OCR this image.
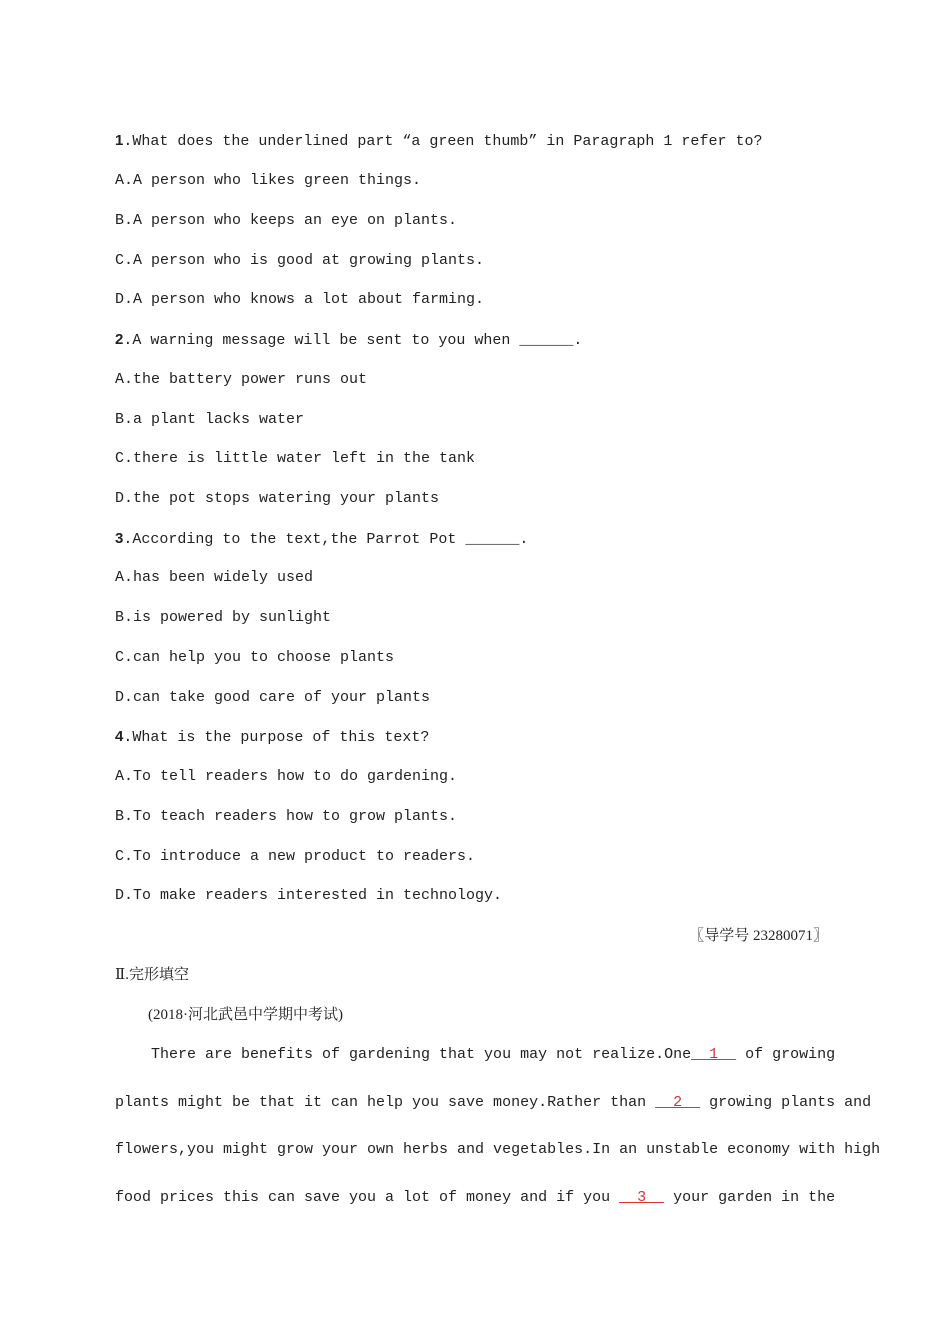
1.What does the underlined part “a green thumb” in Paragraph 1 refer to?
A.A person who likes green things.
B.A person who keeps an eye on plants.
C.A person who is good at growing plants.
D.A person who knows a lot about farming.
2.A warning message will be sent to you when ______.
A.the battery power runs out
B.a plant lacks water
C.there is little water left in the tank
D.the pot stops watering your plants
3.According to the text,the Parrot Pot ______.
A.has been widely used
B.is powered by sunlight
C.can help you to choose plants
D.can take good care of your plants
4.What is the purpose of this text?
A.To tell readers how to do gardening.
B.To teach readers how to grow plants.
C.To introduce a new product to readers.
D.To make readers interested in technology.
〖导学号 23280071〗
Ⅱ.完形填空
(2018·河北武邑中学期中考试)
There are benefits of gardening that you may not realize.One  1   of growing
plants might be that it can help you save money.Rather than   2   growing plants and
flowers,you might grow your own herbs and vegetables.In an unstable economy with high
food prices this can save you a lot of money and if you   3   your garden in the
